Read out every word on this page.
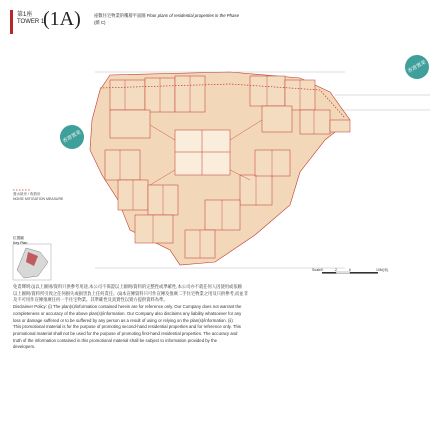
第1座
TOWER 1
(1A)	座數住宅物業的樓層平面圖 Floor plans of residential properties in the Phase
(續 C)
香港置業
香港置業
發水錶房 / 收納房
NOISE MITIGATION MEASURE
位置圖
Key Plan
Scale 0	2	6	10M(米)

免責聲明:(i)以上圖則/資料只供參考用途,本公司不保證以上圖則/資料的完整性或準確性,本公司亦不就任何人因使用或依賴

以上圖則/資料所引致之任何損失或損害負上任何責任。(ii)本宣傳資料只可作宣傳及推廣二手住宅物業之用及只供參考,而並非

及不可用作宣傳推廣任何一手住宅物業。其準確性及真實性以賣方提供資料為準。

Disclaimer Policy: (i) The plan(s)/information contained herein are for reference only. Our Company does not warrant the

completeness or accuracy of the above plan(s)/information. Our Company also disclaims any liability whatsoever for any

loss or damage suffered or to be suffered by any person as a result of using or relying on the plan(s)/information. (ii)

This promotional material is for the purpose of promoting second-hand residential properties and for reference only. This

promotional material shall not be used for the purpose of promoting first-hand residential properties. The accuracy and

truth of the information contained in this promotional material shall be subject to information provided by the

developers.
